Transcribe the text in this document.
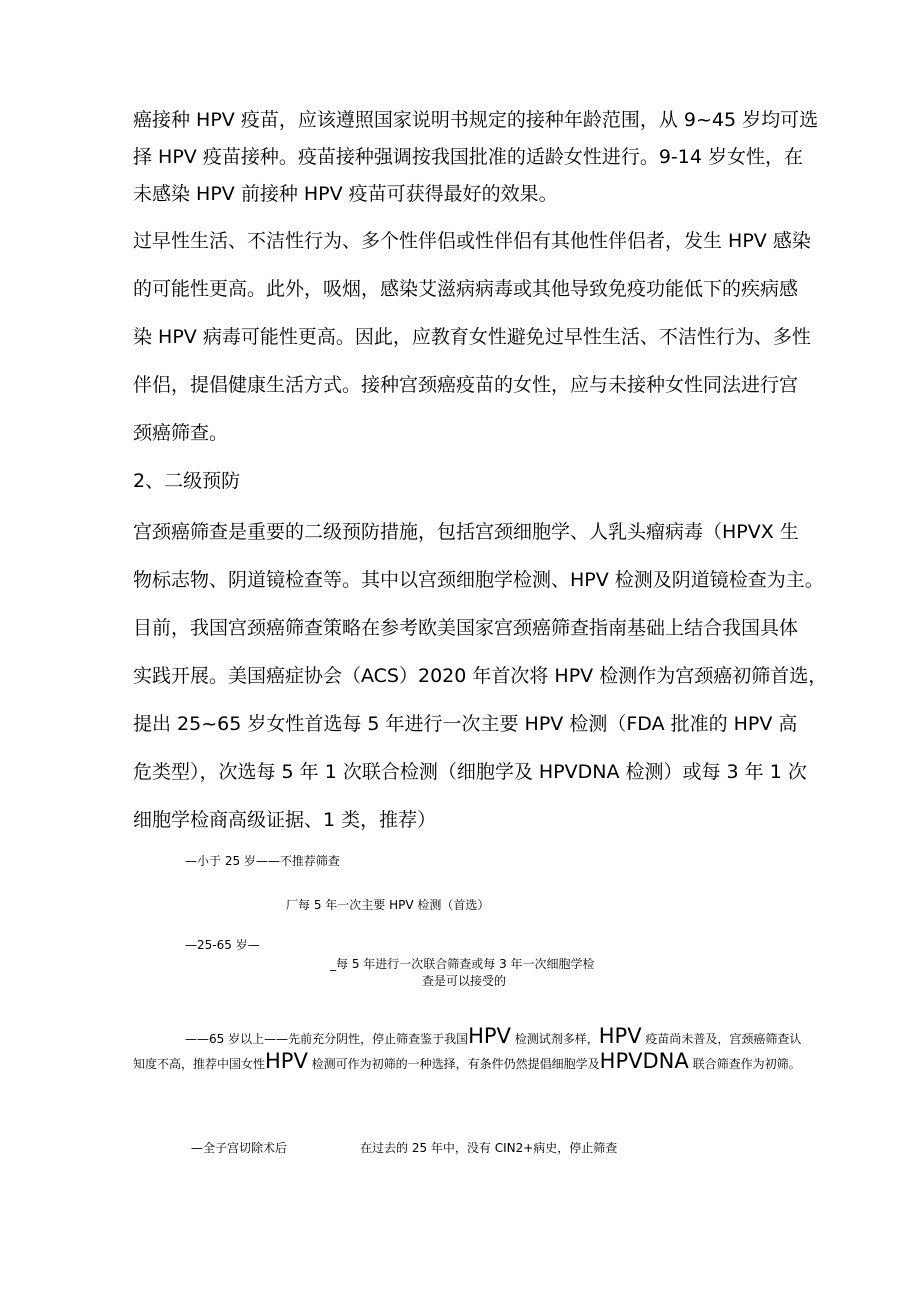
癌接种 HPV 疫苗，应该遵照国家说明书规定的接种年龄范围，从 9~45 岁均可选
择 HPV 疫苗接种。疫苗接种强调按我国批准的适龄女性进行。9-14 岁女性，在
未感染 HPV 前接种 HPV 疫苗可获得最好的效果。
过早性生活、不洁性行为、多个性伴侣或性伴侣有其他性伴侣者，发生 HPV 感染
的可能性更高。此外，吸烟，感染艾滋病病毒或其他导致免疫功能低下的疾病感
染 HPV 病毒可能性更高。因此，应教育女性避免过早性生活、不洁性行为、多性
伴侣，提倡健康生活方式。接种宫颈癌疫苗的女性，应与未接种女性同法进行宫
颈癌筛查。
2、二级预防
宫颈癌筛查是重要的二级预防措施，包括宫颈细胞学、人乳头瘤病毒（HPVX 生
物标志物、阴道镜检查等。其中以宫颈细胞学检测、HPV 检测及阴道镜检查为主。
目前，我国宫颈癌筛查策略在参考欧美国家宫颈癌筛查指南基础上结合我国具体
实践开展。美国癌症协会（ACS）2020 年首次将 HPV 检测作为宫颈癌初筛首选，
提出 25~65 岁女性首选每 5 年进行一次主要 HPV 检测（FDA 批准的 HPV 高
危类型），次选每 5 年 1 次联合检测（细胞学及 HPVDNA 检测）或每 3 年 1 次
细胞学检商高级证据、1 类，推荐）
—小于 25 岁——不推荐筛查
厂每 5 年一次主要 HPV 检测（首选）
—25-65 岁—
_每 5 年进行一次联合筛查或每 3 年一次细胞学检
查是可以接受的
——65 岁以上——先前充分阴性，停止筛查鉴于我国HPV 检测试剂多样，HPV 疫苗尚未普及，宫颈癌筛查认知度不高，推荐中国女性HPV 检测可作为初筛的一种选择，有条件仍然提倡细胞学及HPVDNA 联合筛查作为初筛。
—全子宫切除术后	在过去的 25 年中，没有 CIN2+病史，停止筛查
